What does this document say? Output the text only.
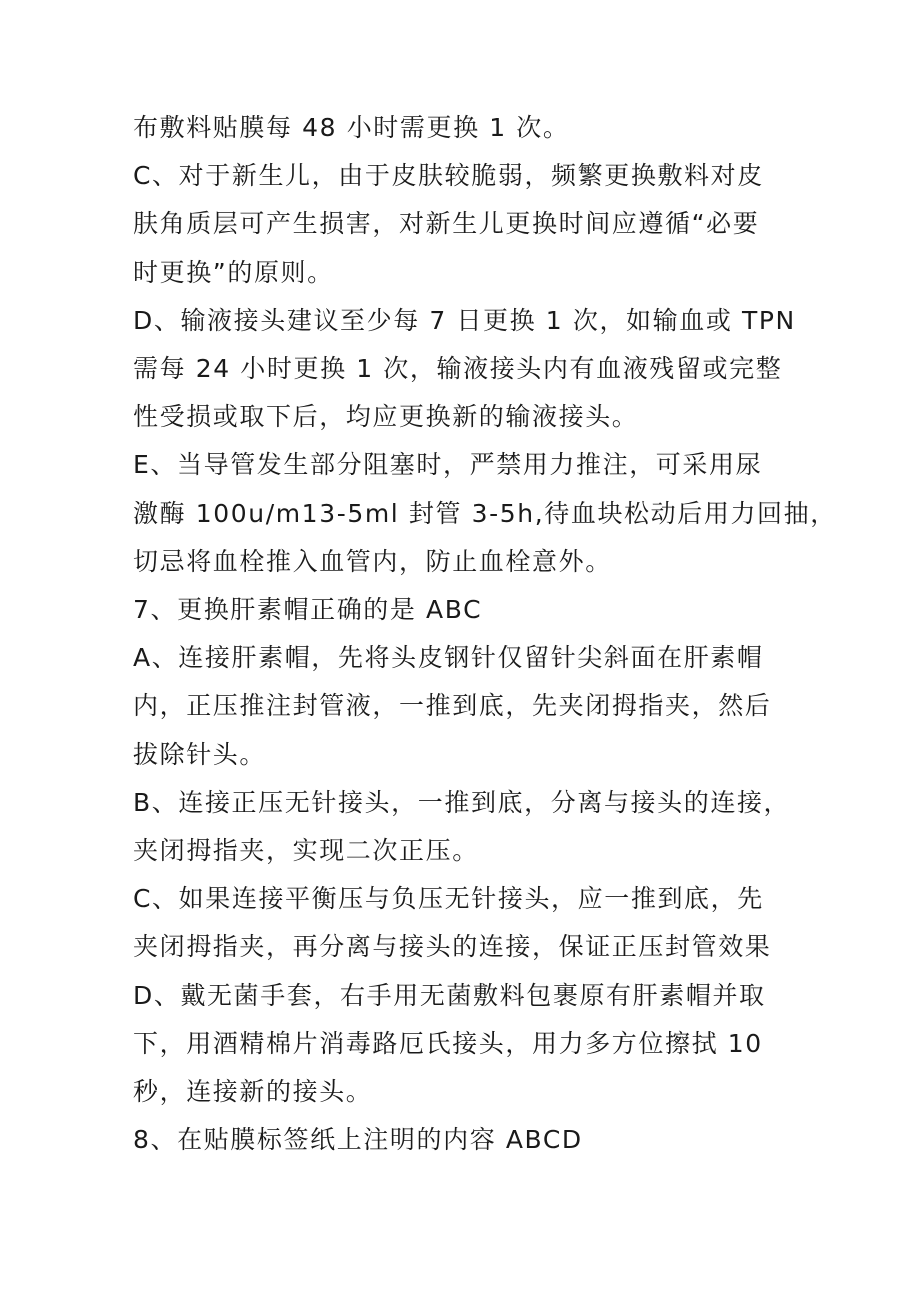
布敷料贴膜每 48 小时需更换 1 次。
C、对于新生儿，由于皮肤较脆弱，频繁更换敷料对皮
肤角质层可产生损害，对新生儿更换时间应遵循“必要
时更换”的原则。
D、输液接头建议至少每 7 日更换 1 次，如输血或 TPN
需每 24 小时更换 1 次，输液接头内有血液残留或完整
性受损或取下后，均应更换新的输液接头。
E、当导管发生部分阻塞时，严禁用力推注，可采用尿
激酶 100u/m13-5ml 封管 3-5h,待血块松动后用力回抽，
切忌将血栓推入血管内，防止血栓意外。
7、更换肝素帽正确的是 ABC
A、连接肝素帽，先将头皮钢针仅留针尖斜面在肝素帽
内，正压推注封管液，一推到底，先夹闭拇指夹，然后
拔除针头。
B、连接正压无针接头，一推到底，分离与接头的连接，
夹闭拇指夹，实现二次正压。
C、如果连接平衡压与负压无针接头，应一推到底，先
夹闭拇指夹，再分离与接头的连接，保证正压封管效果
D、戴无菌手套，右手用无菌敷料包裹原有肝素帽并取
下，用酒精棉片消毒路厄氏接头，用力多方位擦拭 10
秒，连接新的接头。
8、在贴膜标签纸上注明的内容 ABCD
